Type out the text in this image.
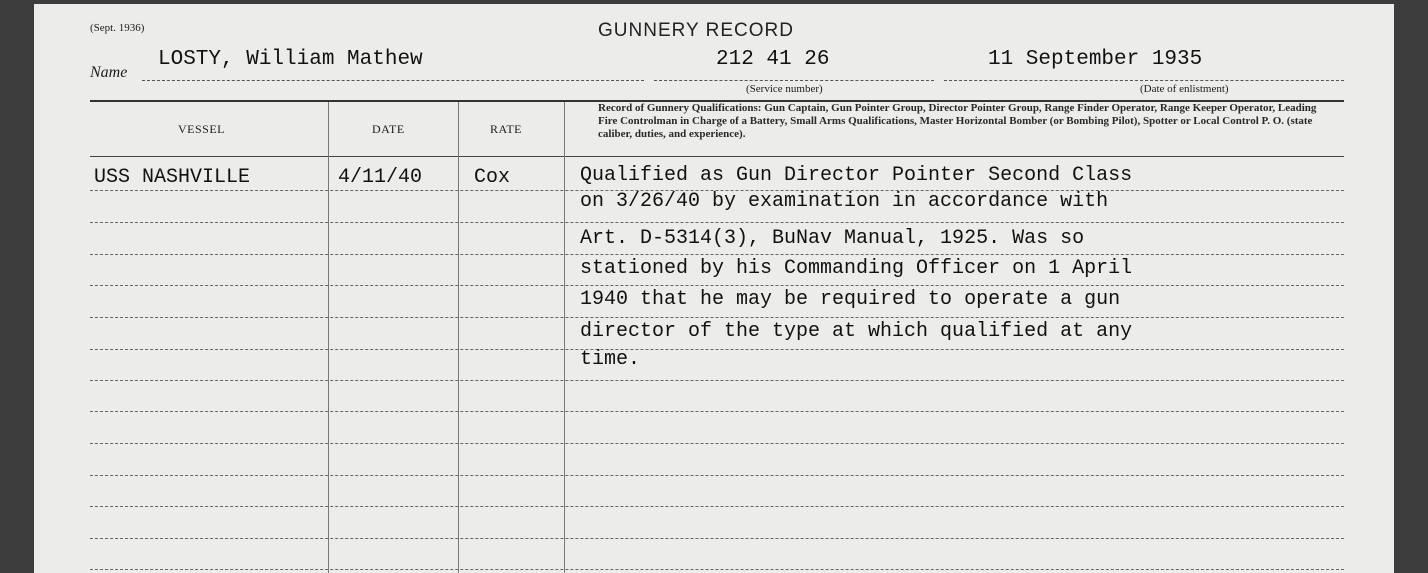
(Sept. 1936)	GUNNERY RECORD
Name
LOSTY, William Mathew	212 41 26	11 September 1935
(Service number)	(Date of enlistment)
VESSEL	DATE	RATE
Record of Gunnery Qualifications: Gun Captain, Gun Pointer Group, Director Pointer Group, Range Finder Operator, Range Keeper Operator, Leading Fire Controlman in Charge of a Battery, Small Arms Qualifications, Master Horizontal Bomber (or Bombing Pilot), Spotter or Local Control P. O. (state caliber, duties, and experience).
USS NASHVILLE	4/11/40	Cox	Qualified as Gun Director Pointer Second Class
on 3/26/40 by examination in accordance with
Art. D-5314(3), BuNav Manual, 1925. Was so
stationed by his Commanding Officer on 1 April
1940 that he may be required to operate a gun
director of the type at which qualified at any
time.
